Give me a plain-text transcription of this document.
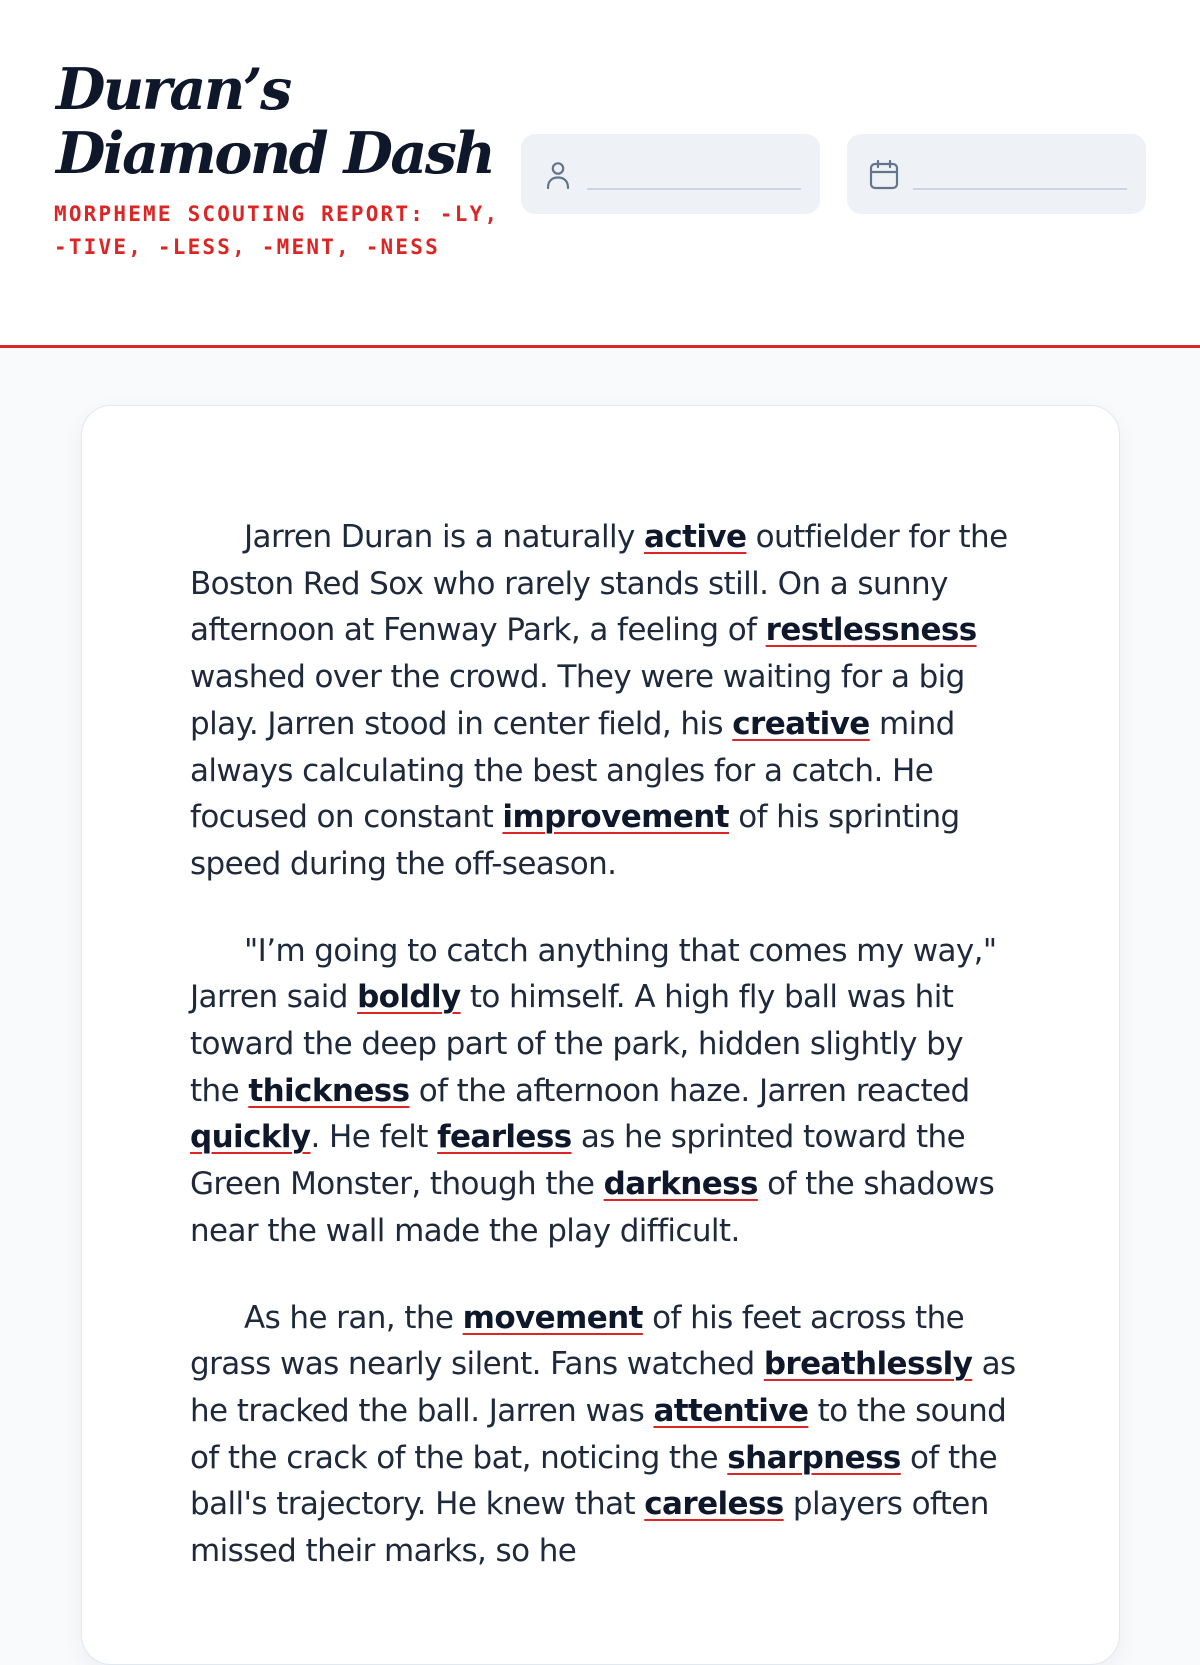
Duran’s
Diamond Dash
MORPHEME SCOUTING REPORT: -LY, -TIVE, -LESS, -MENT, -NESS

Jarren Duran is a naturally active outfielder for the Boston Red Sox who rarely stands still. On a sunny afternoon at Fenway Park, a feeling of restlessness washed over the crowd. They were waiting for a big play. Jarren stood in center field, his creative mind always calculating the best angles for a catch. He focused on constant improvement of his sprinting speed during the off-season.

"I’m going to catch anything that comes my way," Jarren said boldly to himself. A high fly ball was hit toward the deep part of the park, hidden slightly by the thickness of the afternoon haze. Jarren reacted quickly. He felt fearless as he sprinted toward the Green Monster, though the darkness of the shadows near the wall made the play difficult.

As he ran, the movement of his feet across the grass was nearly silent. Fans watched breathlessly as he tracked the ball. Jarren was attentive to the sound of the crack of the bat, noticing the sharpness of the ball's trajectory. He knew that careless players often missed their marks, so he
